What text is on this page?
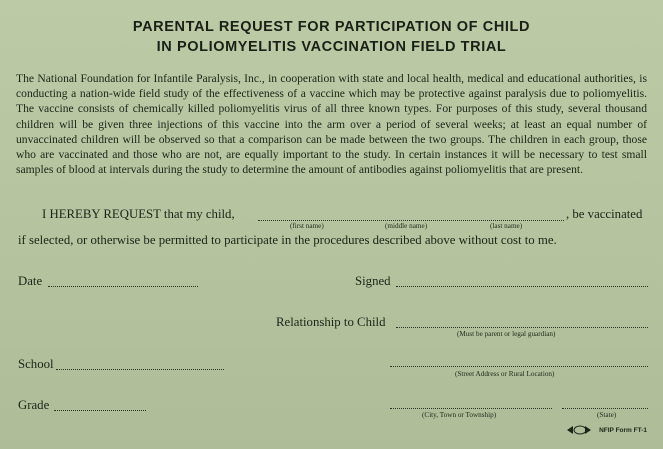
PARENTAL REQUEST FOR PARTICIPATION OF CHILD
IN POLIOMYELITIS VACCINATION FIELD TRIAL
The National Foundation for Infantile Paralysis, Inc., in cooperation with state and local health, medical and educational authorities, is conducting a nation-wide field study of the effectiveness of a vaccine which may be protective against paralysis due to poliomyelitis. The vaccine consists of chemically killed poliomyelitis virus of all three known types. For purposes of this study, several thousand children will be given three injections of this vaccine into the arm over a period of several weeks; at least an equal number of unvaccinated children will be observed so that a comparison can be made between the two groups. The children in each group, those who are vaccinated and those who are not, are equally important to the study. In certain instances it will be necessary to test small samples of blood at intervals during the study to determine the amount of antibodies against poliomyelitis that are present.
I HEREBY REQUEST that my child,	, be vaccinated
(first name)	(middle name)	(last name)
if selected, or otherwise be permitted to participate in the procedures described above without cost to me.
Date	Signed
Relationship to Child
(Must be parent or legal guardian)
School
(Street Address or Rural Location)
Grade
(City, Town or Township)	(State)
NFIP Form FT-1
